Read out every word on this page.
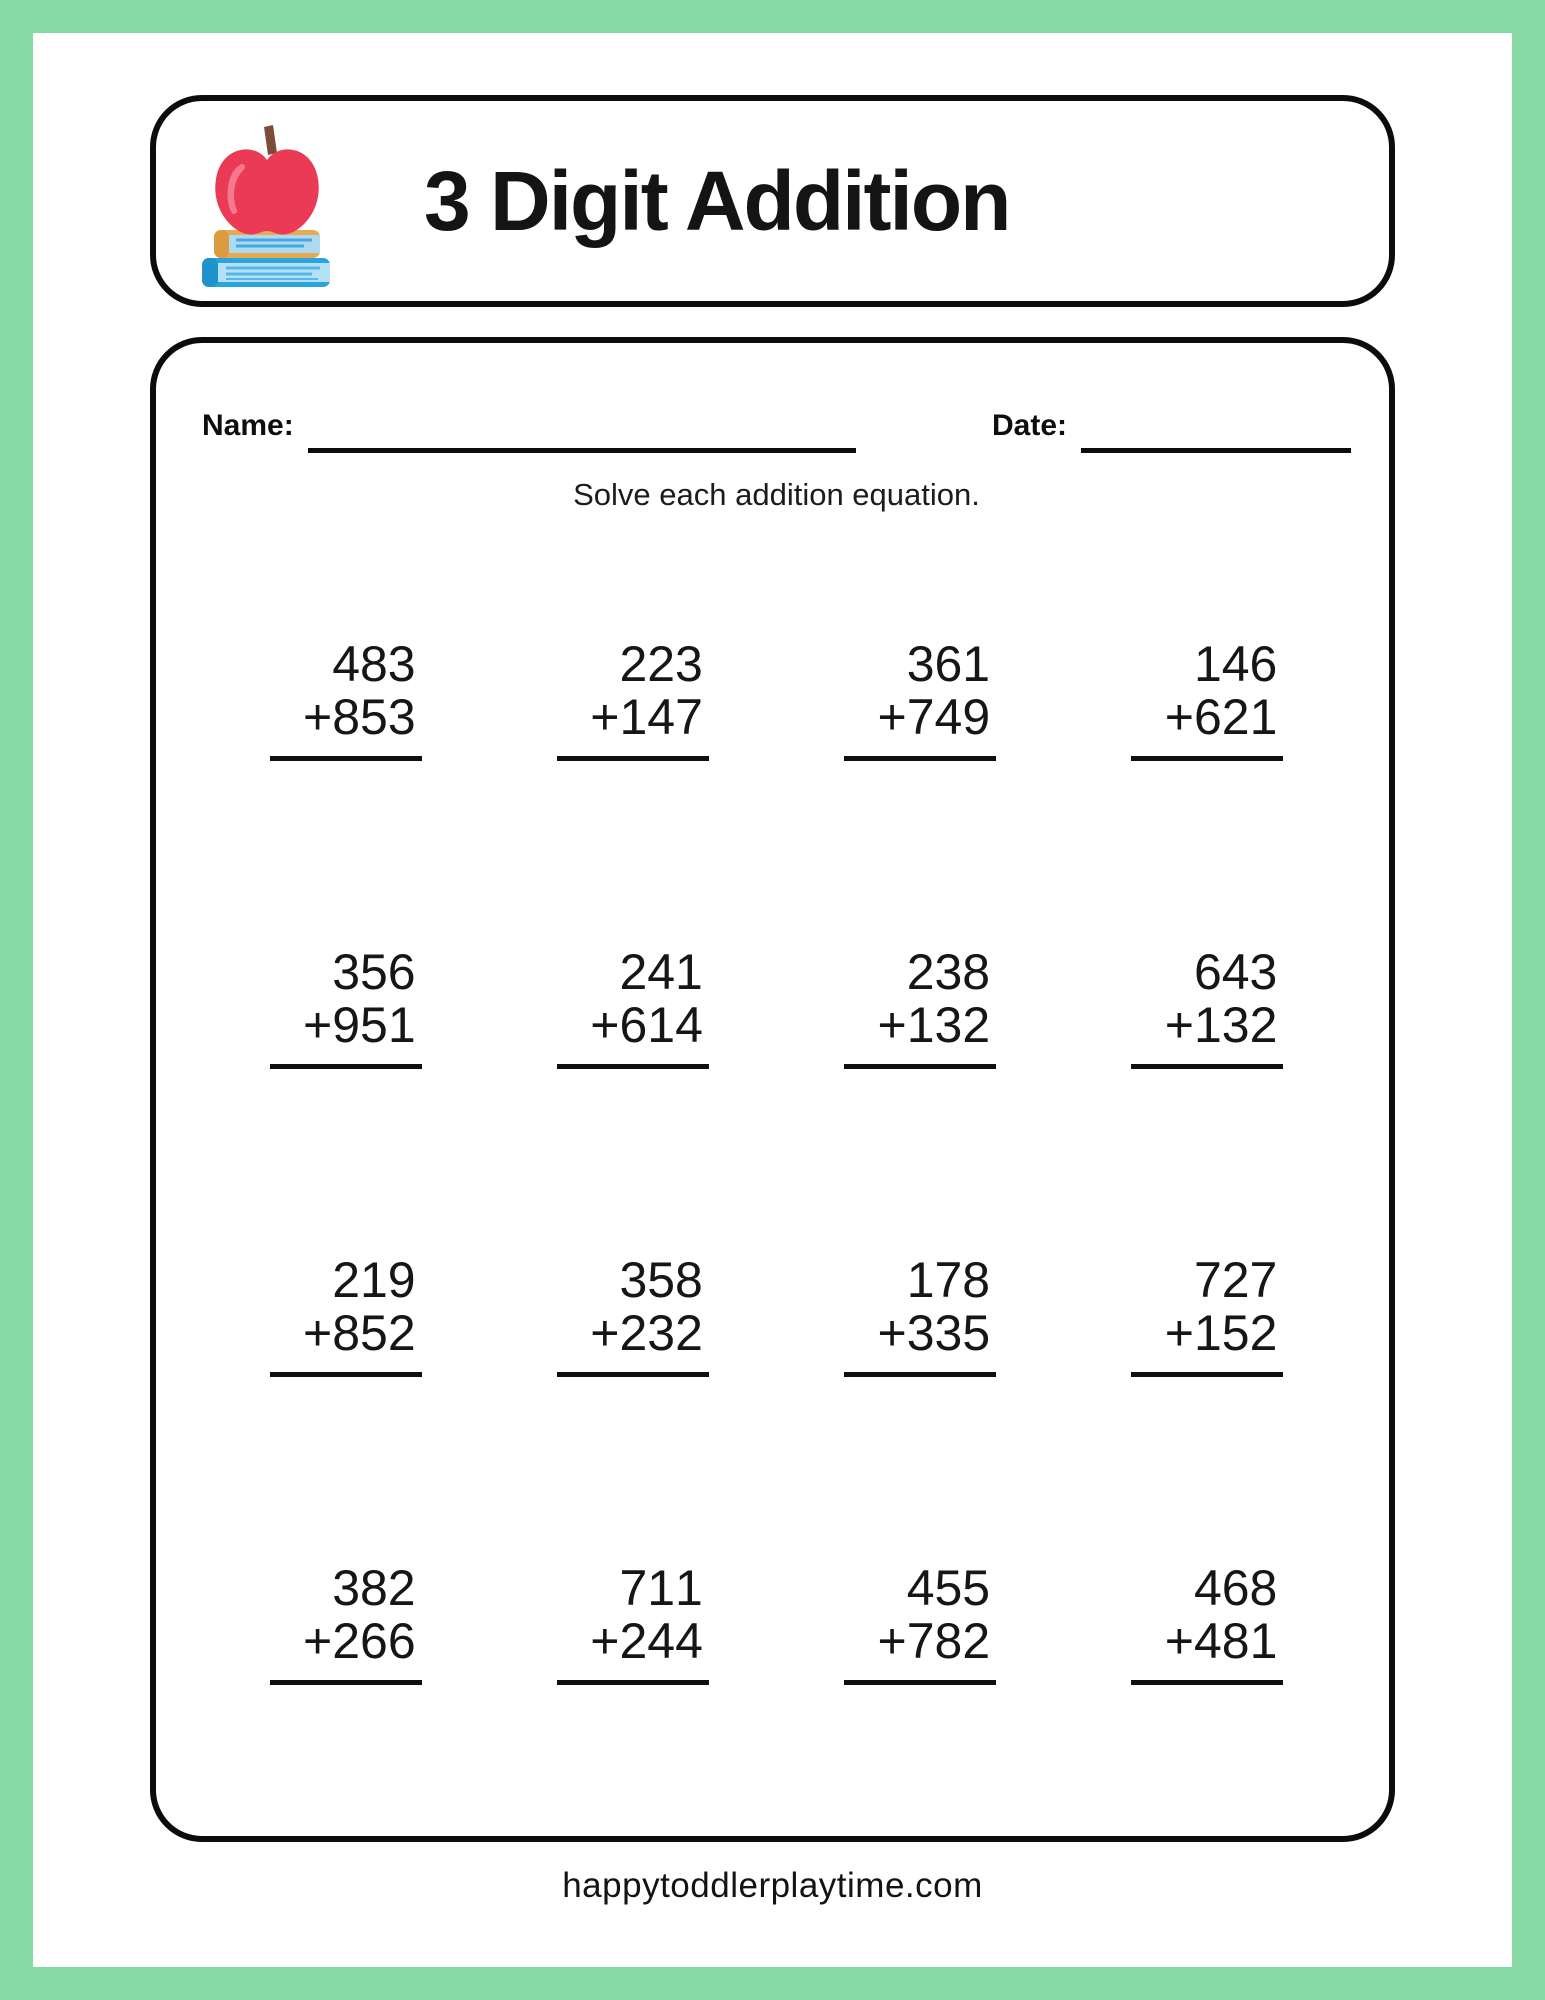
3 Digit Addition
Name:	Date:
Solve each addition equation.
483
+853
223
+147
361
+749
146
+621
356
+951
241
+614
238
+132
643
+132
219
+852
358
+232
178
+335
727
+152
382
+266
711
+244
455
+782
468
+481
happytoddlerplaytime.com
